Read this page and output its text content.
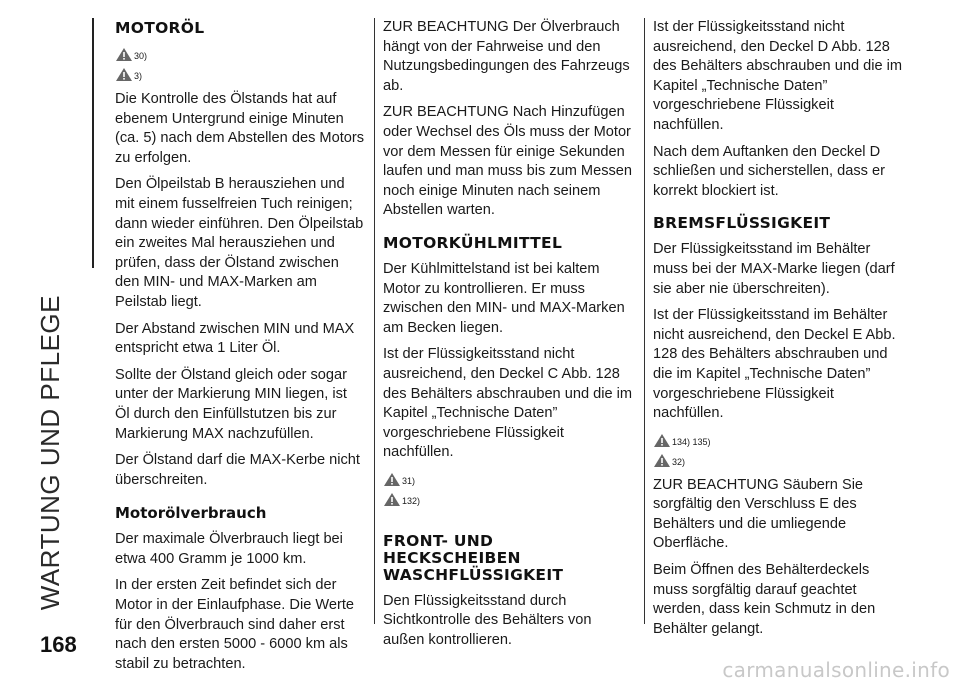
WARTUNG UND PFLEGE
168
MOTORÖL
30)
3)

Die Kontrolle des Ölstands hat auf ebenem Untergrund einige Minuten (ca. 5) nach dem Abstellen des Motors zu erfolgen.

Den Ölpeilstab B herausziehen und mit einem fusselfreien Tuch reinigen; dann wieder einführen. Den Ölpeilstab ein zweites Mal herausziehen und prüfen, dass der Ölstand zwischen den MIN- und MAX-Marken am Peilstab liegt.

Der Abstand zwischen MIN und MAX entspricht etwa 1 Liter Öl.

Sollte der Ölstand gleich oder sogar unter der Markierung MIN liegen, ist Öl durch den Einfüllstutzen bis zur Markierung MAX nachzufüllen.

Der Ölstand darf die MAX-Kerbe nicht überschreiten.

Motorölverbrauch

Der maximale Ölverbrauch liegt bei etwa 400 Gramm je 1000 km.

In der ersten Zeit befindet sich der Motor in der Einlaufphase. Die Werte für den Ölverbrauch sind daher erst nach den ersten 5000 - 6000 km als stabil zu betrachten.

ZUR BEACHTUNG Der Ölverbrauch hängt von der Fahrweise und den Nutzungsbedingungen des Fahrzeugs ab.

ZUR BEACHTUNG Nach Hinzufügen oder Wechsel des Öls muss der Motor vor dem Messen für einige Sekunden laufen und man muss bis zum Messen noch einige Minuten nach seinem Abstellen warten.

MOTORKÜHLMITTEL

Der Kühlmittelstand ist bei kaltem Motor zu kontrollieren. Er muss zwischen den MIN- und MAX-Marken am Becken liegen.

Ist der Flüssigkeitsstand nicht ausreichend, den Deckel C Abb. 128 des Behälters abschrauben und die im Kapitel „Technische Daten” vorgeschriebene Flüssigkeit nachfüllen.

31)
132)
FRONT- UND HECKSCHEIBEN WASCHFLÜSSIGKEIT

Den Flüssigkeitsstand durch Sichtkontrolle des Behälters von außen kontrollieren.

Ist der Flüssigkeitsstand nicht ausreichend, den Deckel D Abb. 128 des Behälters abschrauben und die im Kapitel „Technische Daten” vorgeschriebene Flüssigkeit nachfüllen.

Nach dem Auftanken den Deckel D schließen und sicherstellen, dass er korrekt blockiert ist.

BREMSFLÜSSIGKEIT

Der Flüssigkeitsstand im Behälter muss bei der MAX-Marke liegen (darf sie aber nie überschreiten).

Ist der Flüssigkeitsstand im Behälter nicht ausreichend, den Deckel E Abb. 128 des Behälters abschrauben und die im Kapitel „Technische Daten” vorgeschriebene Flüssigkeit nachfüllen.

134) 135)
32)

ZUR BEACHTUNG Säubern Sie sorgfältig den Verschluss E des Behälters und die umliegende Oberfläche.

Beim Öffnen des Behälterdeckels muss sorgfältig darauf geachtet werden, dass kein Schmutz in den Behälter gelangt.

carmanualsonline.info
